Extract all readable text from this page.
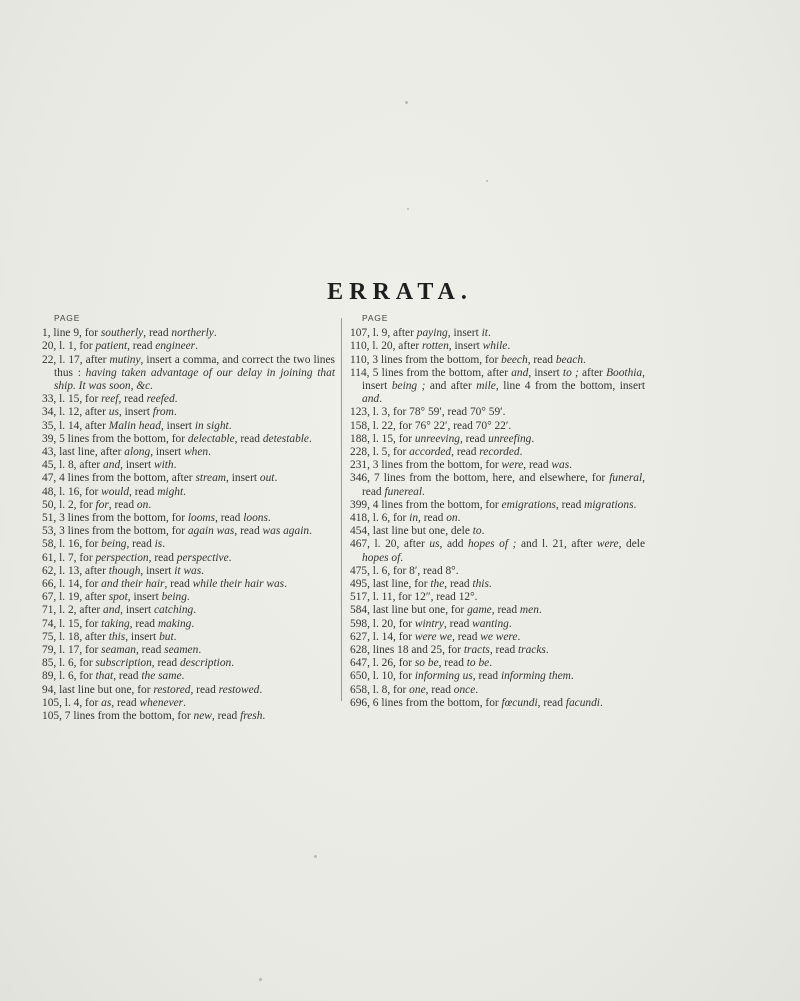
ERRATA.
PAGE

1, line 9, for southerly, read northerly.

20, l. 1, for patient, read engineer.

22, l. 17, after mutiny, insert a comma, and correct the two lines thus : having taken advantage of our delay in joining that ship. It was soon, &c.

33, l. 15, for reef, read reefed.

34, l. 12, after us, insert from.

35, l. 14, after Malin head, insert in sight.

39, 5 lines from the bottom, for delectable, read detestable.

43, last line, after along, insert when.

45, l. 8, after and, insert with.

47, 4 lines from the bottom, after stream, insert out.

48, l. 16, for would, read might.

50, l. 2, for for, read on.

51, 3 lines from the bottom, for looms, read loons.

53, 3 lines from the bottom, for again was, read was again.

58, l. 16, for being, read is.

61, l. 7, for perspection, read perspective.

62, l. 13, after though, insert it was.

66, l. 14, for and their hair, read while their hair was.

67, l. 19, after spot, insert being.

71, l. 2, after and, insert catching.

74, l. 15, for taking, read making.

75, l. 18, after this, insert but.

79, l. 17, for seaman, read seamen.

85, l. 6, for subscription, read description.

89, l. 6, for that, read the same.

94, last line but one, for restored, read restowed.

105, l. 4, for as, read whenever.

105, 7 lines from the bottom, for new, read fresh.

PAGE

107, l. 9, after paying, insert it.

110, l. 20, after rotten, insert while.

110, 3 lines from the bottom, for beech, read beach.

114, 5 lines from the bottom, after and, insert to ; after Boothia, insert being ; and after mile, line 4 from the bottom, insert and.

123, l. 3, for 78° 59′, read 70° 59′.

158, l. 22, for 76° 22′, read 70° 22′.

188, l. 15, for unreeving, read unreefing.

228, l. 5, for accorded, read recorded.

231, 3 lines from the bottom, for were, read was.

346, 7 lines from the bottom, here, and elsewhere, for funeral, read funereal.

399, 4 lines from the bottom, for emigrations, read migrations.

418, l. 6, for in, read on.

454, last line but one, dele to.

467, l. 20, after us, add hopes of ; and l. 21, after were, dele hopes of.

475, l. 6, for 8′, read 8°.

495, last line, for the, read this.

517, l. 11, for 12″, read 12°.

584, last line but one, for game, read men.

598, l. 20, for wintry, read wanting.

627, l. 14, for were we, read we were.

628, lines 18 and 25, for tracts, read tracks.

647, l. 26, for so be, read to be.

650, l. 10, for informing us, read informing them.

658, l. 8, for one, read once.

696, 6 lines from the bottom, for fœcundi, read facundi.
